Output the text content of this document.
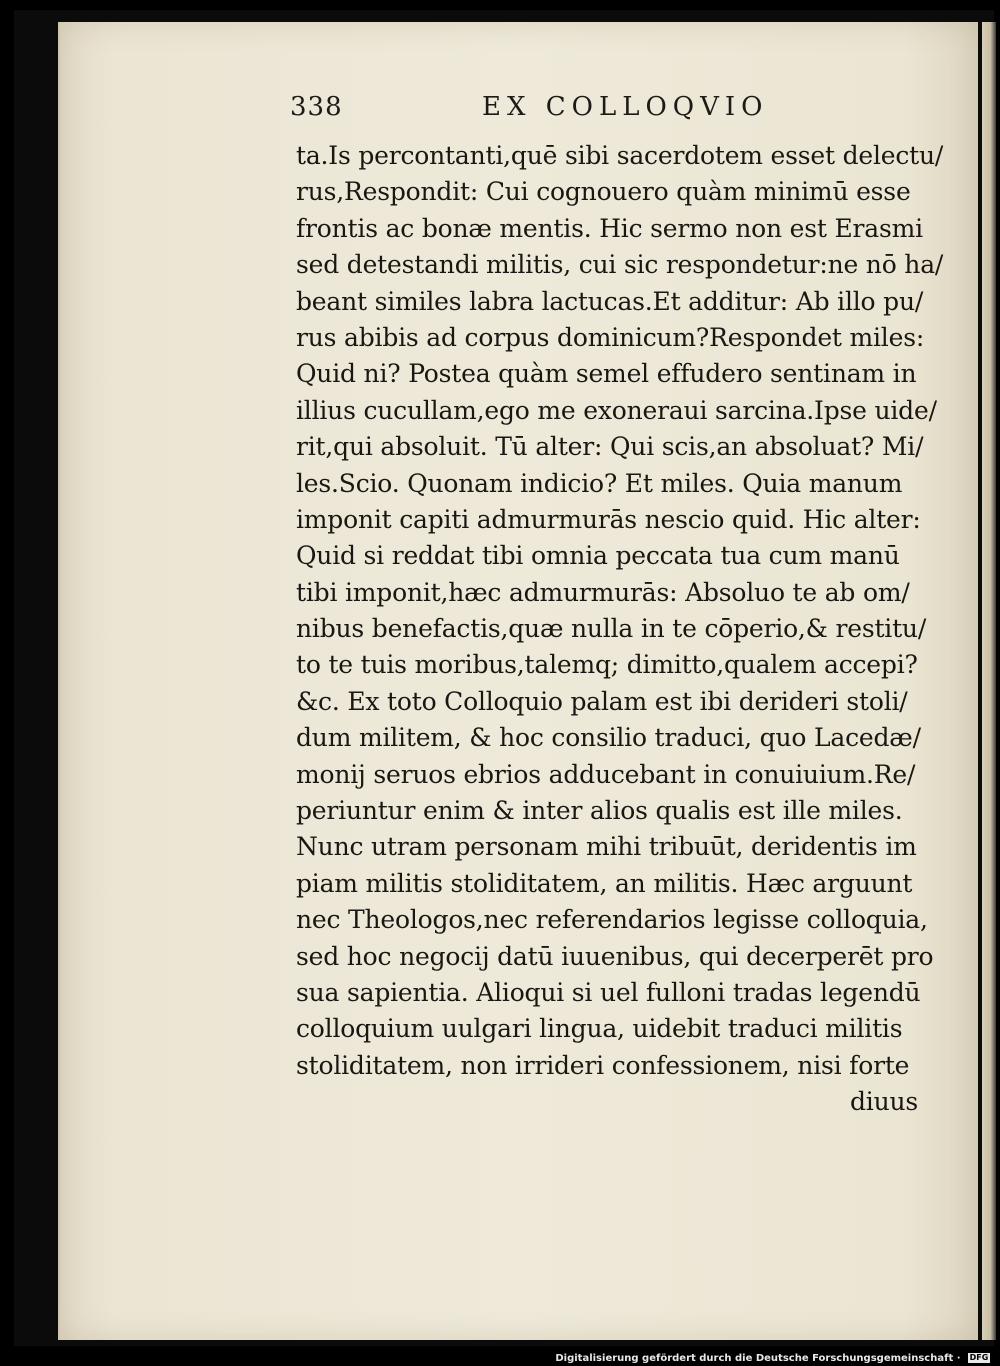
338	EX COLLOQVIO
ta.Is percontanti,quē sibi sacerdotem esset delectu/
rus,Respondit: Cui cognouero quàm minimū esse
frontis ac bonæ mentis. Hic sermo non est Erasmi
sed detestandi militis, cui sic respondetur:ne nō ha/
beant similes labra lactucas.Et additur: Ab illo pu/
rus abibis ad corpus dominicum?Respondet miles:
Quid ni? Postea quàm semel effudero sentinam in
illius cucullam,ego me exoneraui sarcina.Ipse uide/
rit,qui absoluit. Tū alter: Qui scis,an absoluat? Mi/
les.Scio. Quonam indicio? Et miles. Quia manum
imponit capiti admurmurās nescio quid. Hic alter:
Quid si reddat tibi omnia peccata tua cum manū
tibi imponit,hæc admurmurās: Absoluo te ab om/
nibus benefactis,quæ nulla in te cōperio,& restitu/
to te tuis moribus,talemq; dimitto,qualem accepi?
&c. Ex toto Colloquio palam est ibi derideri stoli/
dum militem, & hoc consilio traduci, quo Lacedæ/
monij seruos ebrios adducebant in conuiuium.Re/
periuntur enim & inter alios qualis est ille miles.
Nunc utram personam mihi tribuūt, deridentis im
piam militis stoliditatem, an militis. Hæc arguunt
nec Theologos,nec referendarios legisse colloquia,
sed hoc negocij datū iuuenibus, qui decerperēt pro
sua sapientia. Alioqui si uel fulloni tradas legendū
colloquium uulgari lingua, uidebit traduci militis
stoliditatem, non irrideri confessionem, nisi forte
diuus
Digitalisierung gefördert durch die Deutsche Forschungsgemeinschaft · DFG
